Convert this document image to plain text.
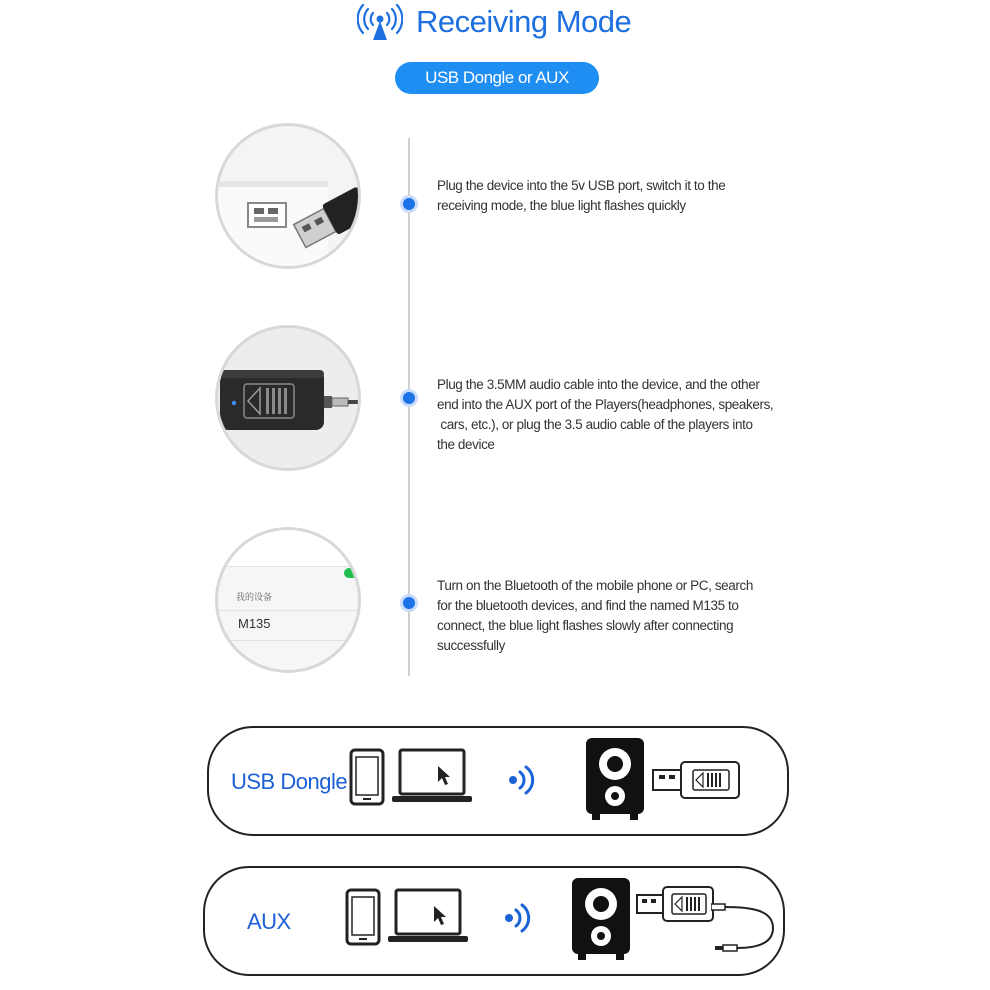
Receiving Mode
USB Dongle or AUX
我的设备
M135
Plug the device into the 5v USB port, switch it to the
receiving mode, the blue light flashes quickly
Plug the 3.5MM audio cable into the device, and the other
end into the AUX port of the Players(headphones, speakers,
cars, etc.), or plug the 3.5 audio cable of the players into
the device
Turn on the Bluetooth of the mobile phone or PC, search
for the bluetooth devices, and find the named M135 to
connect, the blue light flashes slowly after connecting
successfully
USB Dongle
AUX
